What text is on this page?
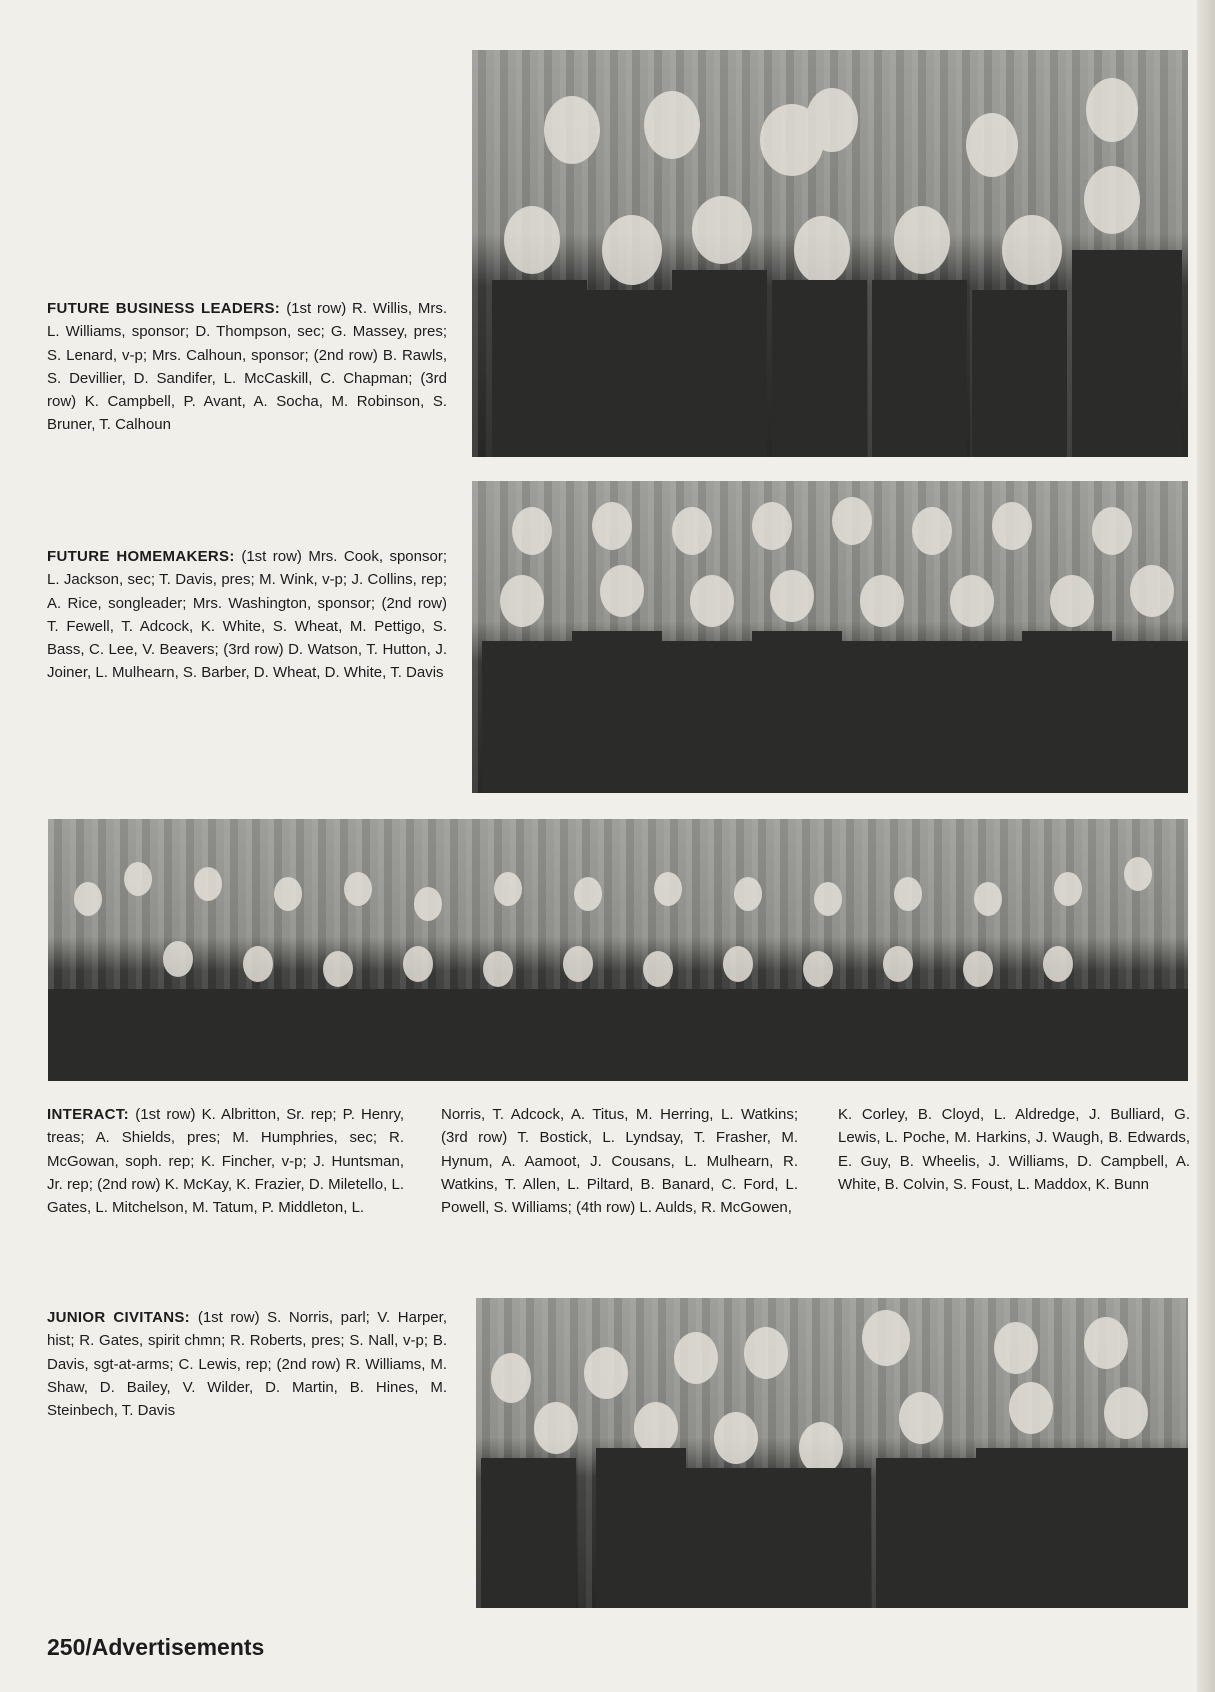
FUTURE BUSINESS LEADERS: (1st row) R. Willis, Mrs. L. Williams, sponsor; D. Thompson, sec; G. Massey, pres; S. Lenard, v-p; Mrs. Calhoun, sponsor; (2nd row) B. Rawls, S. Devillier, D. Sandifer, L. McCaskill, C. Chapman; (3rd row) K. Campbell, P. Avant, A. Socha, M. Robinson, S. Bruner, T. Calhoun
FUTURE HOMEMAKERS: (1st row) Mrs. Cook, sponsor; L. Jackson, sec; T. Davis, pres; M. Wink, v-p; J. Collins, rep; A. Rice, songleader; Mrs. Washington, sponsor; (2nd row) T. Fewell, T. Adcock, K. White, S. Wheat, M. Pettigo, S. Bass, C. Lee, V. Beavers; (3rd row) D. Watson, T. Hutton, J. Joiner, L. Mulhearn, S. Barber, D. Wheat, D. White, T. Davis
INTERACT: (1st row) K. Albritton, Sr. rep; P. Henry, treas; A. Shields, pres; M. Humphries, sec; R. McGowan, soph. rep; K. Fincher, v-p; J. Huntsman, Jr. rep; (2nd row) K. McKay, K. Frazier, D. Miletello, L. Gates, L. Mitchelson, M. Tatum, P. Middleton, L.
Norris, T. Adcock, A. Titus, M. Herring, L. Watkins; (3rd row) T. Bostick, L. Lyndsay, T. Frasher, M. Hynum, A. Aamoot, J. Cousans, L. Mulhearn, R. Watkins, T. Allen, L. Piltard, B. Banard, C. Ford, L. Powell, S. Williams; (4th row) L. Aulds, R. McGowen,
K. Corley, B. Cloyd, L. Aldredge, J. Bulliard, G. Lewis, L. Poche, M. Harkins, J. Waugh, B. Edwards, E. Guy, B. Wheelis, J. Williams, D. Campbell, A. White, B. Colvin, S. Foust, L. Maddox, K. Bunn
JUNIOR CIVITANS: (1st row) S. Norris, parl; V. Harper, hist; R. Gates, spirit chmn; R. Roberts, pres; S. Nall, v-p; B. Davis, sgt-at-arms; C. Lewis, rep; (2nd row) R. Williams, M. Shaw, D. Bailey, V. Wilder, D. Martin, B. Hines, M. Steinbech, T. Davis
250/Advertisements
